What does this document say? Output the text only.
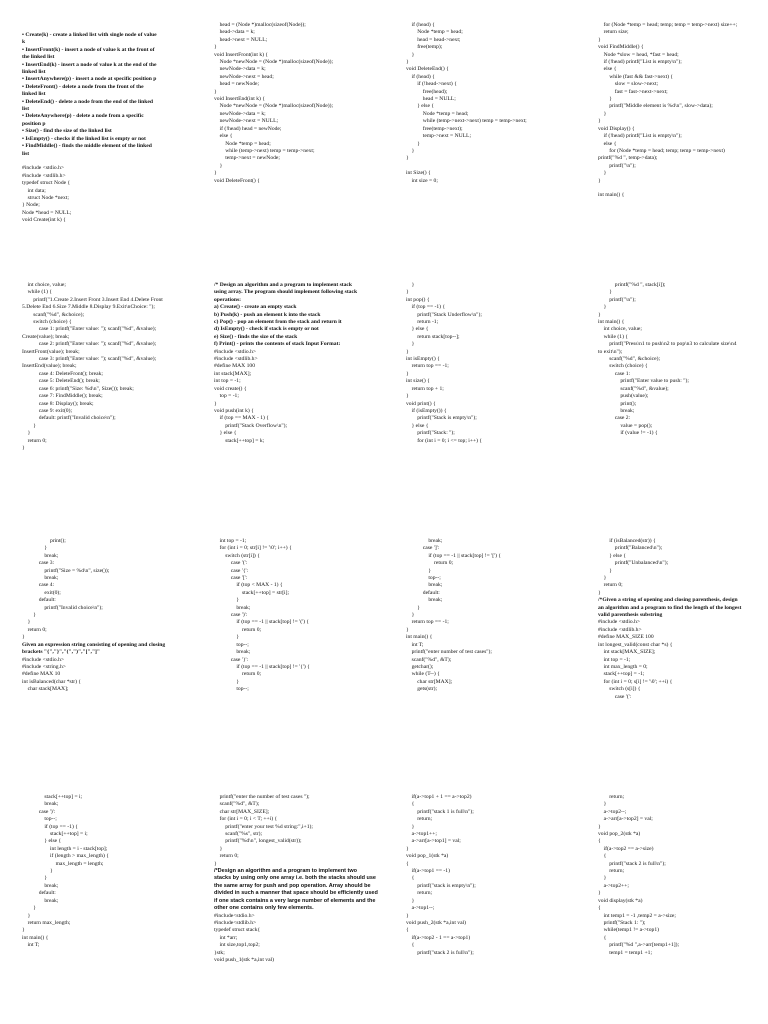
• Create(k) - create a linked list with single node of value
k
• InsertFront(k) - insert a node of value k at the front of
the linked list
• InsertEnd(k) - insert a node of value k at the end of the
linked list
• InsertAnywhere(p) - insert a node at specific position p
• DeleteFront() - delete a node from the front of the
linked list
• DeleteEnd() - delete a node from the end of the linked
list
• DeleteAnywhere(p) - delete a node from a specific
position p
• Size() - find the size of the linked list
• IsEmpty() - checks if the linked list is empty or not
• FindMiddle() - finds the middle element of the linked
list

#include <stdio.h>
#include <stdlib.h>
typedef struct Node {
int data;
struct Node *next;
} Node;
Node *head = NULL;
void Create(int k) {
head = (Node *)malloc(sizeof(Node));
head->data = k;
head->next = NULL;
}
void InsertFront(int k) {
Node *newNode = (Node *)malloc(sizeof(Node));
newNode->data = k;
newNode->next = head;
head = newNode;
}
void InsertEnd(int k) {
Node *newNode = (Node *)malloc(sizeof(Node));
newNode->data = k;
newNode->next = NULL;
if (!head) head = newNode;
else {
Node *temp = head;
while (temp->next) temp = temp->next;
temp->next = newNode;
}
}
void DeleteFront() {
if (head) {
Node *temp = head;
head = head->next;
free(temp);
}
}
void DeleteEnd() {
if (head) {
if (!head->next) {
free(head);
head = NULL;
} else {
Node *temp = head;
while (temp->next->next) temp = temp->next;
free(temp->next);
temp->next = NULL;
}
}
}

int Size() {
int size = 0;
for (Node *temp = head; temp; temp = temp->next) size++;
return size;
}
void FindMiddle() {
Node *slow = head, *fast = head;
if (!head) printf("List is empty\n");
else {
while (fast && fast->next) {
slow = slow->next;
fast = fast->next->next;
}
printf("Middle element is %d\n", slow->data);
}
}
void Display() {
if (!head) printf("List is empty\n");
else {
for (Node *temp = head; temp; temp = temp->next)
printf("%d ", temp->data);
printf("\n");
}
}

int main() {
int choice, value;
while (1) {
printf("1.Create 2.Insert Front 3.Insert End 4.Delete Front
5.Delete End 6.Size 7.Middle 8.Display 9.Exit\nChoice: ");
scanf("%d", &choice);
switch (choice) {
case 1: printf("Enter value: "); scanf("%d", &value);
Create(value); break;
case 2: printf("Enter value: "); scanf("%d", &value);
InsertFront(value); break;
case 3: printf("Enter value: "); scanf("%d", &value);
InsertEnd(value); break;
case 4: DeleteFront(); break;
case 5: DeleteEnd(); break;
case 6: printf("Size: %d\n", Size()); break;
case 7: FindMiddle(); break;
case 8: Display(); break;
case 9: exit(0);
default: printf("Invalid choice\n");
}
}
return 0;
}
/* Design an algorithm and a program to implement stack
using array. The program should implement following stack
operations:
a) Create() - create an empty stack
b) Push(k) - push an element k into the stack
c) Pop() - pop an element from the stack and return it
d) IsEmpty() - check if stack is empty or not
e) Size() - finds the size of the stack
f) Print() - prints the contents of stack Input Format:
#include <stdio.h>
#include <stdlib.h>
#define MAX 100
int stack[MAX];
int top = -1;
void create() {
top = -1;
}
void push(int k) {
if (top == MAX - 1) {
printf("Stack Overflow\n");
} else {
stack[++top] = k;
}
}
int pop() {
if (top == -1) {
printf("Stack Underflow\n");
return -1;
} else {
return stack[top--];
}
}
int isEmpty() {
return top == -1;
}
int size() {
return top + 1;
}
void print() {
if (isEmpty()) {
printf("Stack is empty\n");
} else {
printf("Stack: ");
for (int i = 0; i <= top; i++) {
printf("%d ", stack[i]);
}
printf("\n");
}
}
int main() {
int choice, value;
while (1) {
printf("Press\n1 to push\n2 to pop\n3 to calculate size\n4
to exit\n");
scanf("%d", &choice);
switch (choice) {
case 1:
printf("Enter value to push: ");
scanf("%d", &value);
push(value);
print();
break;
case 2:
value = pop();
if (value != -1) {
print();
}
break;
case 3:
printf("Size = %d\n", size());
break;
case 4:
exit(0);
default:
printf("Invalid choice\n");
}
}
return 0;
}
Given an expression string consisting of opening and closing
brackets "{","}","(",")","[","]"
#include <stdio.h>
#include <string.h>
#define MAX 10
int isBalanced(char *str) {
char stack[MAX];
int top = -1;
for (int i = 0; str[i] != '\0'; i++) {
switch (str[i]) {
case '(':
case '{':
case '[':
if (top < MAX - 1) {
stack[++top] = str[i];
}
break;
case ')':
if (top == -1 || stack[top] != '(') {
return 0;
}
top--;
break;
case '}':
if (top == -1 || stack[top] != '{') {
return 0;
}
top--;
break;
case ']':
if (top == -1 || stack[top] != '[') {
return 0;
}
top--;
break;
default:
break;
}
}
return top == -1;
}
int main() {
int T;
printf("enter number of test cases");
scanf("%d", &T);
getchar();
while (T--) {
char str[MAX];
gets(str);
if (isBalanced(str)) {
printf("Balanced\n");
} else {
printf("Unbalanced\n");
}
}
return 0;
}
/*Given a string of opening and closing parenthesis, design
an algorithm and a program to find the length of the longest
valid parenthesis substring
#include <stdio.h>
#include <stdlib.h>
#define MAX_SIZE 100
int longest_valid(const char *s) {
int stack[MAX_SIZE];
int top = -1;
int max_length = 0;
stack[++top] = -1;
for (int i = 0; s[i] != '\0'; ++i) {
switch (s[i]) {
case '(':
stack[++top] = i;
break;
case ')':
top--;
if (top == -1) {
stack[++top] = i;
} else {
int length = i - stack[top];
if (length > max_length) {
max_length = length;
}
}
break;
default:
break;
}
}
return max_length;
}
int main() {
int T;
printf("enter the number of test cases ");
scanf("%d", &T);
char str[MAX_SIZE];
for (int i = 0; i < T; ++i) {
printf("enter your test %d string:",i+1);
scanf("%s", str);
printf("%d\n", longest_valid(str));
}
return 0;
}
/*Design an algorithm and a program to implement two
stacks by using only one array i.e. both the stacks should use
the same array for push and pop operation. Array should be
divided in such a manner that space should be efficiently used
if one stack contains a very large number of elements and the
other one contains only few elements.
#include<stdio.h>
#include<stdlib.h>
typedef struct stack{
int *arr;
int size,top1,top2;
}stk;
void push_1(stk *a,int val)
if(a->top1 + 1 == a->top2)
{
printf("stack 1 is full\n");
return;
}
a->top1++;
a->arr[a->top1] = val;
}
void pop_1(stk *a)
{
if(a->top1 == -1)
{
printf("stack is empty\n");
return;
}
a->top1--;
}
void push_2(stk *a,int val)
{
if(a->top2 - 1 == a->top1)
{
printf("stack 2 is full\n");
return;
}
a->top2--;
a->arr[a->top2] = val;
}
void pop_2(stk *a)
{
if(a->top2 == a->size)
{
printf("stack 2 is full\n");
return;
}
a->top2++;
}
void display(stk *a)
{
int temp1 = -1 ,temp2 = a->size;
printf("Stack 1: ");
while(temp1 != a->top1)
{
printf("%d ",a->arr[temp1+1]);
temp1 = temp1 +1;
